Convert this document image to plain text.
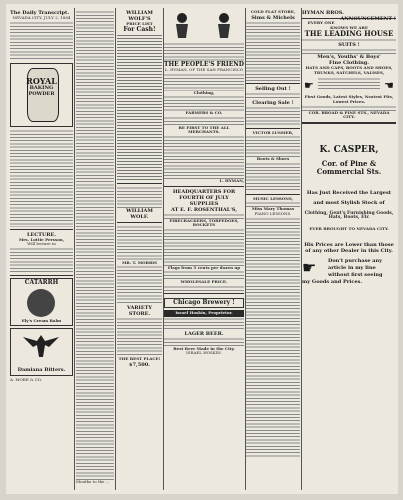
The Daily Transcript.
NEVADA CITY, JULY 2, 1884
ROYAL
BAKING
POWDER
LECTURE.
Mrs. Lottie Persson,
Will lecture in
CATARRH
Ely's Cream Balm
Damiana Bitters.
A. MORE & CO.
Mouths to the ...
WILLIAM WOLF'S
PRICE LIST
For Cash!
WILLIAM WOLF.
MR. T. MORRIS
VARIETY STORE.
THE BEST PLACE!
$7,500.
THE PEOPLE'S FRIEND
L. HYMAN, OF THE SAN FRANCISCO
Clothing,
FARMERS & CO.
BE FIRST TO THE ALL MERCHANTS.
L. HYMAN,
HEADQUARTERS FOR
FOURTH OF JULY SUPPLIES
AT E. F. ROSENTHAL'S,
FIRECRACKERS, TORPEDOES, ROCKETS
Flags from 5 cents per dozen up
WHOLESALE PRICE.
Chicago Brewery !
Israel Hoskin, Proprietor.
LAGER BEER.
Best Beer Made in the City.
ISRAEL HOSKIN.
COLD FLAT STORE,
Sims & Michels
Selling Out !
Clearing Sale !
VICTOR LUSSIER,
Boots & Shoes
MUSIC LESSONS,
Miss Mary Thomas
PIANO LESSONS.
HYMAN BROS.
ANNOUNCEMENT !
EVERY ONE KNOWS WE ARE
THE LEADING HOUSE
SUITS !
Men's, Youths' & Boys'
Fine Clothing.
HATS AND CAPS, BOOTS AND SHOES,
TRUNKS, SATCHELS, VALISES,
☛	☛
First Goods, Latest Styles, Neatest Fits, Lowest Prices.
COR. BROAD & PINE STS., NEVADA CITY.
K. CASPER,
Cor. of Pine & Commercial Sts.
Has Just Received the Largest
and most Stylish Stock of
Clothing, Gent's Furnishing Goods, Hats, Boots, Etc
EVER BROUGHT TO NEVADA CITY.
His Prices are Lower than those
of any other Dealer in this City.
☛ Don't purchase any
article in my line
without first seeing
my Goods and Prices.
